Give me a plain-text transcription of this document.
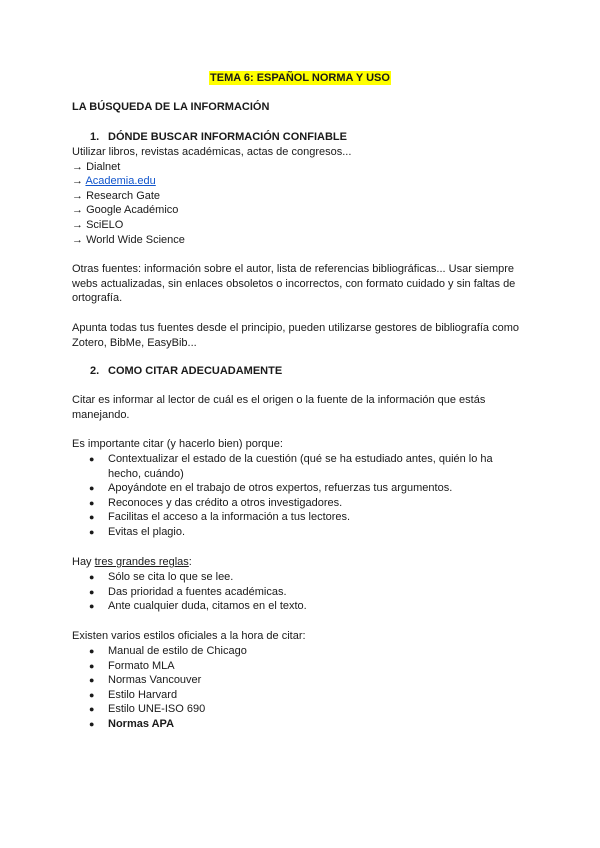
TEMA 6: ESPAÑOL NORMA Y USO
LA BÚSQUEDA DE LA INFORMACIÓN
1. DÓNDE BUSCAR INFORMACIÓN CONFIABLE
Utilizar libros, revistas académicas, actas de congresos...
→ Dialnet
→ Academia.edu
→ Research Gate
→ Google Académico
→ SciELO
→ World Wide Science
Otras fuentes: información sobre el autor, lista de referencias bibliográficas... Usar siempre
webs actualizadas, sin enlaces obsoletos o incorrectos, con formato cuidado y sin faltas de
ortografía.
Apunta todas tus fuentes desde el principio, pueden utilizarse gestores de bibliografía como
Zotero, BibMe, EasyBib...
2. COMO CITAR ADECUADAMENTE
Citar es informar al lector de cuál es el origen o la fuente de la información que estás
manejando.
Es importante citar (y hacerlo bien) porque:
● Contextualizar el estado de la cuestión (qué se ha estudiado antes, quién lo ha
hecho, cuándo)
● Apoyándote en el trabajo de otros expertos, refuerzas tus argumentos.
● Reconoces y das crédito a otros investigadores.
● Facilitas el acceso a la información a tus lectores.
● Evitas el plagio.
Hay tres grandes reglas:
● Sólo se cita lo que se lee.
● Das prioridad a fuentes académicas.
● Ante cualquier duda, citamos en el texto.
Existen varios estilos oficiales a la hora de citar:
● Manual de estilo de Chicago
● Formato MLA
● Normas Vancouver
● Estilo Harvard
● Estilo UNE-ISO 690
● Normas APA
